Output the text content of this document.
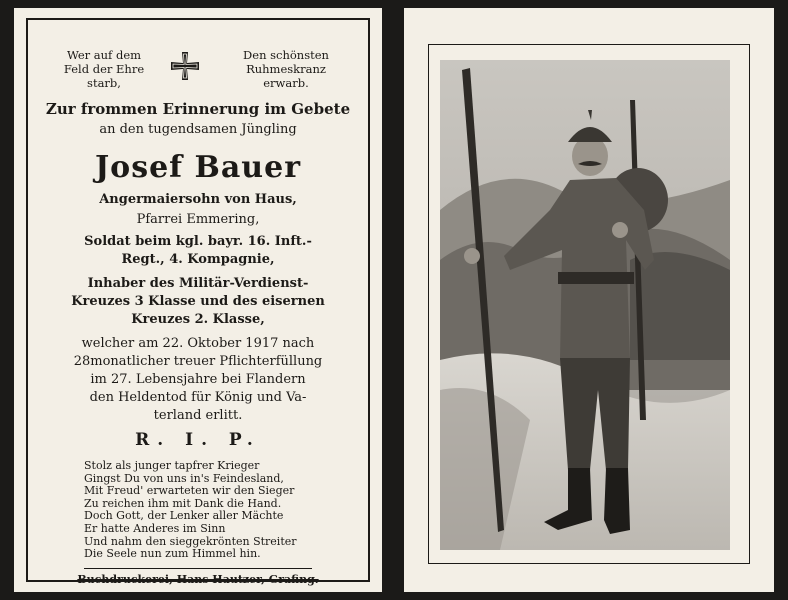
Wer auf dem
Feld der Ehre
starb,
Den schönsten
Ruhmeskranz
erwarb.
Zur frommen Erinnerung im Gebete
an den tugendsamen Jüngling
Josef Bauer
Angermaiersohn von Haus,
Pfarrei Emmering,
Soldat beim kgl. bayr. 16. Inft.-
Regt., 4. Kompagnie,
Inhaber des Militär-Verdienst-
Kreuzes 3 Klasse und des eisernen
Kreuzes 2. Klasse,
welcher am 22. Oktober 1917 nach
28monatlicher treuer Pflichterfüllung
im 27. Lebensjahre bei Flandern
den Heldentod für König und Va-
terland erlitt.
R. I. P.
Stolz als junger tapfrer Krieger
Gingst Du von uns in's Feindesland,
Mit Freud' erwarteten wir den Sieger
Zu reichen ihm mit Dank die Hand.
Doch Gott, der Lenker aller Mächte
Er hatte Anderes im Sinn
Und nahm den sieggekrönten Streiter
Die Seele nun zum Himmel hin.
Buchdruckerei, Hans Hautzer, Grafing.
